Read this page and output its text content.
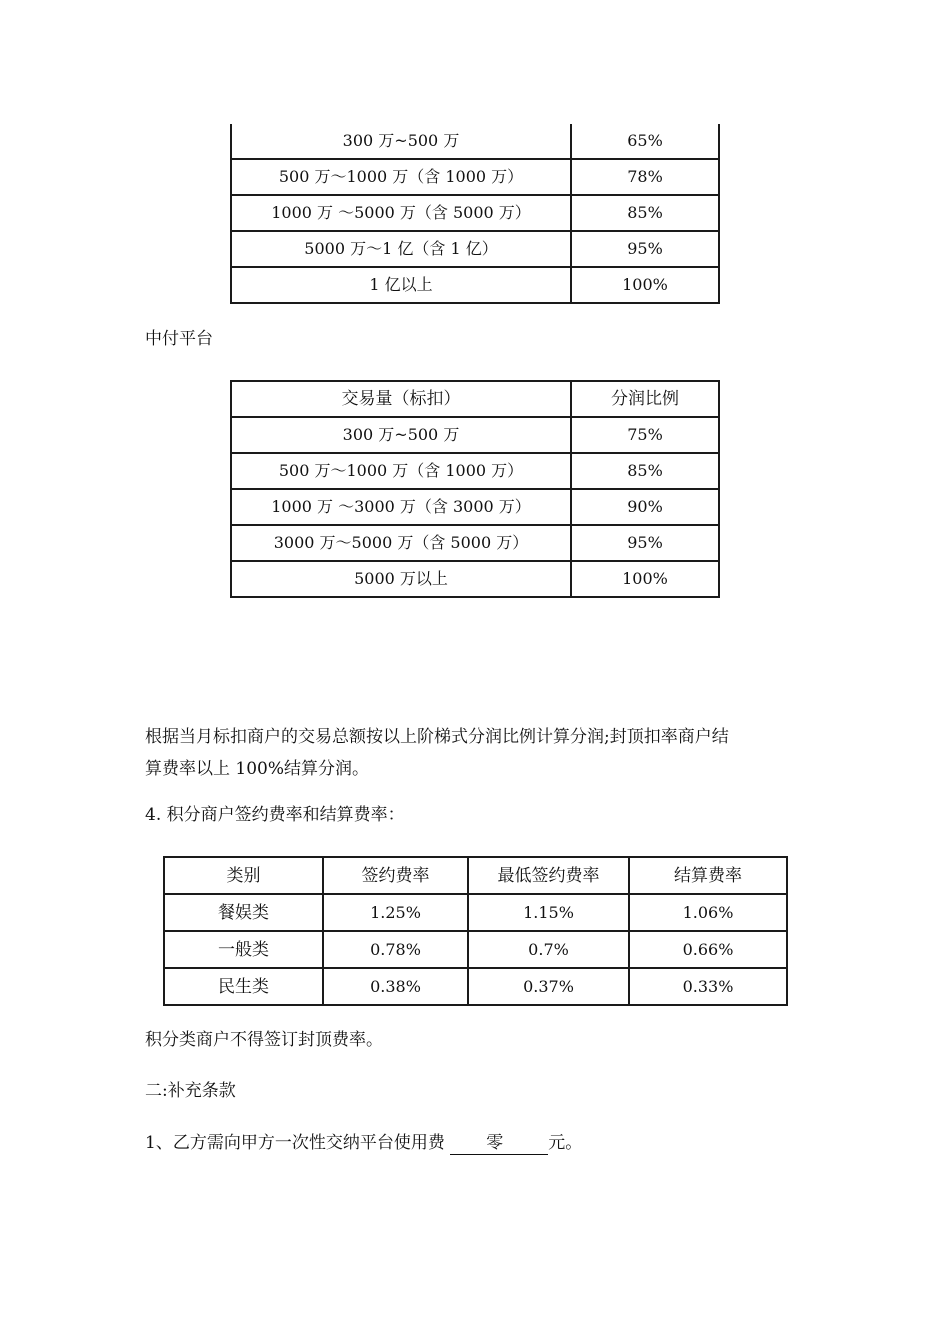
300 万~500 万	65%
500 万～1000 万（含 1000 万）	78%
1000 万 ～5000 万（含 5000 万）	85%
5000 万～1 亿（含 1 亿）	95%
1 亿以上	100%
中付平台
交易量（标扣）	分润比例
300 万~500 万	75%
500 万～1000 万（含 1000 万）	85%
1000 万 ～3000 万（含 3000 万）	90%
3000 万～5000 万（含 5000 万）	95%
5000 万以上	100%
根据当月标扣商户的交易总额按以上阶梯式分润比例计算分润;封顶扣率商户结
算费率以上 100%结算分润。
4. 积分商户签约费率和结算费率：
类别	签约费率	最低签约费率	结算费率
餐娱类	1.25%	1.15%	1.06%
一般类	0.78%	0.7%	0.66%
民生类	0.38%	0.37%	0.33%
积分类商户不得签订封顶费率。
二:补充条款
1、乙方需向甲方一次性交纳平台使用费 零	元。
